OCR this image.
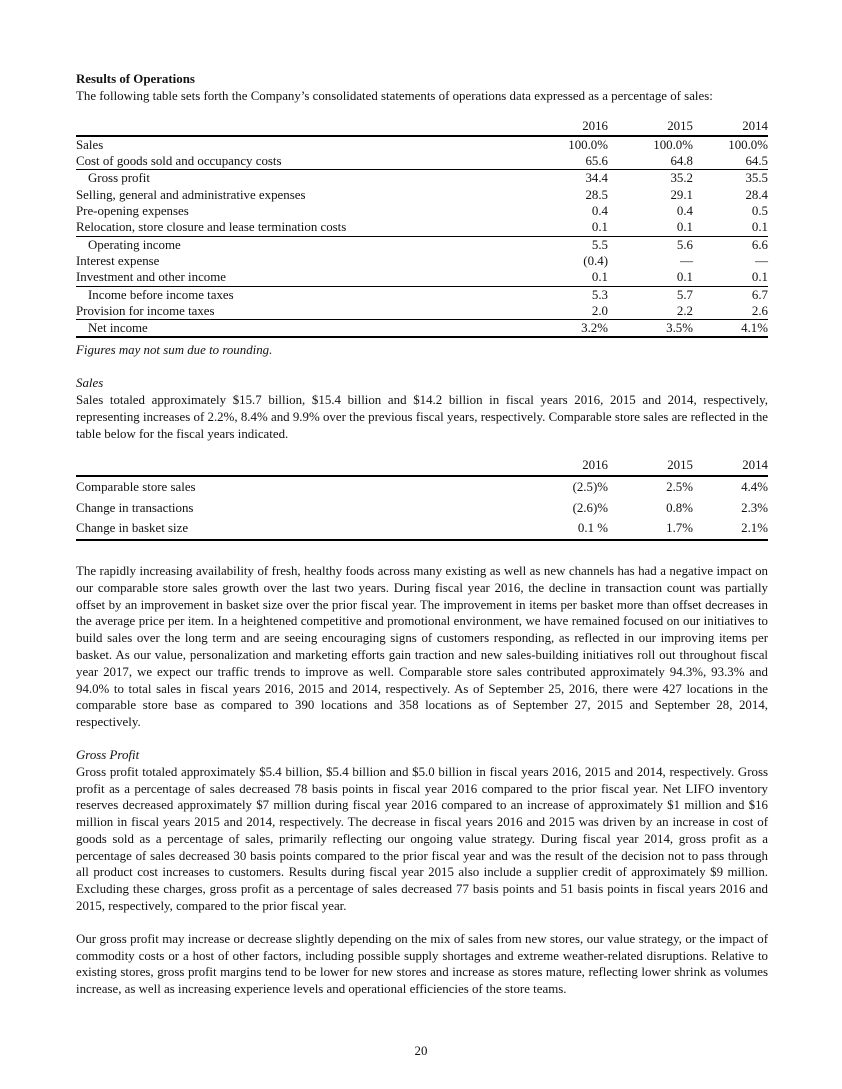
Results of Operations

The following table sets forth the Company’s consolidated statements of operations data expressed as a percentage of sales:

	2016	2015	2014
Sales	100.0%	100.0%	100.0%
Cost of goods sold and occupancy costs	65.6	64.8	64.5
Gross profit	34.4	35.2	35.5
Selling, general and administrative expenses	28.5	29.1	28.4
Pre-opening expenses	0.4	0.4	0.5
Relocation, store closure and lease termination costs	0.1	0.1	0.1
Operating income	5.5	5.6	6.6
Interest expense	(0.4)	—	—
Investment and other income	0.1	0.1	0.1
Income before income taxes	5.3	5.7	6.7
Provision for income taxes	2.0	2.2	2.6
Net income	3.2%	3.5%	4.1%
Figures may not sum due to rounding.
Sales

Sales totaled approximately $15.7 billion, $15.4 billion and $14.2 billion in fiscal years 2016, 2015 and 2014, respectively, representing increases of 2.2%, 8.4% and 9.9% over the previous fiscal years, respectively. Comparable store sales are reflected in the table below for the fiscal years indicated.

	2016	2015	2014
Comparable store sales	(2.5)%	2.5%	4.4%
Change in transactions	(2.6)%	0.8%	2.3%
Change in basket size	0.1 %	1.7%	2.1%

The rapidly increasing availability of fresh, healthy foods across many existing as well as new channels has had a negative impact on our comparable store sales growth over the last two years. During fiscal year 2016, the decline in transaction count was partially offset by an improvement in basket size over the prior fiscal year. The improvement in items per basket more than offset decreases in the average price per item. In a heightened competitive and promotional environment, we have remained focused on our initiatives to build sales over the long term and are seeing encouraging signs of customers responding, as reflected in our improving items per basket. As our value, personalization and marketing efforts gain traction and new sales-building initiatives roll out throughout fiscal year 2017, we expect our traffic trends to improve as well. Comparable store sales contributed approximately 94.3%, 93.3% and 94.0% to total sales in fiscal years 2016, 2015 and 2014, respectively. As of September 25, 2016, there were 427 locations in the comparable store base as compared to 390 locations and 358 locations as of September 27, 2015 and September 28, 2014, respectively.

Gross Profit

Gross profit totaled approximately $5.4 billion, $5.4 billion and $5.0 billion in fiscal years 2016, 2015 and 2014, respectively. Gross profit as a percentage of sales decreased 78 basis points in fiscal year 2016 compared to the prior fiscal year. Net LIFO inventory reserves decreased approximately $7 million during fiscal year 2016 compared to an increase of approximately $1 million and $16 million in fiscal years 2015 and 2014, respectively. The decrease in fiscal years 2016 and 2015 was driven by an increase in cost of goods sold as a percentage of sales, primarily reflecting our ongoing value strategy. During fiscal year 2014, gross profit as a percentage of sales decreased 30 basis points compared to the prior fiscal year and was the result of the decision not to pass through all product cost increases to customers. Results during fiscal year 2015 also include a supplier credit of approximately $9 million. Excluding these charges, gross profit as a percentage of sales decreased 77 basis points and 51 basis points in fiscal years 2016 and 2015, respectively, compared to the prior fiscal year.

Our gross profit may increase or decrease slightly depending on the mix of sales from new stores, our value strategy, or the impact of commodity costs or a host of other factors, including possible supply shortages and extreme weather-related disruptions. Relative to existing stores, gross profit margins tend to be lower for new stores and increase as stores mature, reflecting lower shrink as volumes increase, as well as increasing experience levels and operational efficiencies of the store teams.

20
